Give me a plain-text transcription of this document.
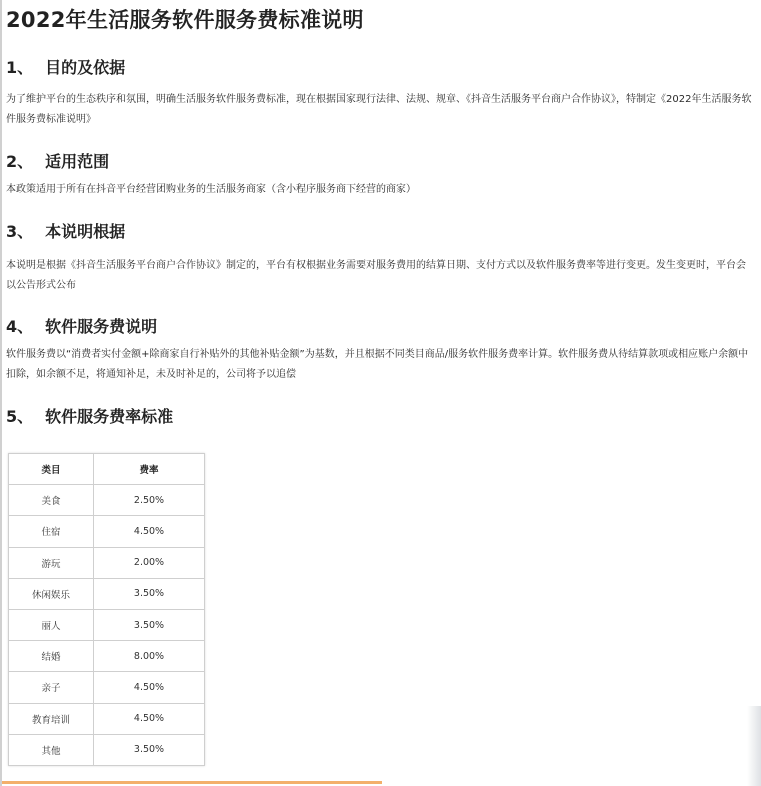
2022年生活服务软件服务费标准说明
1、 目的及依据
为了维护平台的生态秩序和氛围，明确生活服务软件服务费标准，现在根据国家现行法律、法规、规章、《抖音生活服务平台商户合作协议》，特制定《2022年生活服务软件服务费标准说明》
2、 适用范围
本政策适用于所有在抖音平台经营团购业务的生活服务商家（含小程序服务商下经营的商家）
3、 本说明根据
本说明是根据《抖音生活服务平台商户合作协议》制定的，平台有权根据业务需要对服务费用的结算日期、支付方式以及软件服务费率等进行变更。发生变更时，平台会以公告形式公布
4、 软件服务费说明
软件服务费以“消费者实付金额+除商家自行补贴外的其他补贴金额”为基数，并且根据不同类目商品/服务软件服务费率计算。软件服务费从待结算款项或相应账户余额中扣除，如余额不足，将通知补足，未及时补足的，公司将予以追偿
5、 软件服务费率标准
类目	费率
美食	2.50%
住宿	4.50%
游玩	2.00%
休闲娱乐	3.50%
丽人	3.50%
结婚	8.00%
亲子	4.50%
教育培训	4.50%
其他	3.50%
